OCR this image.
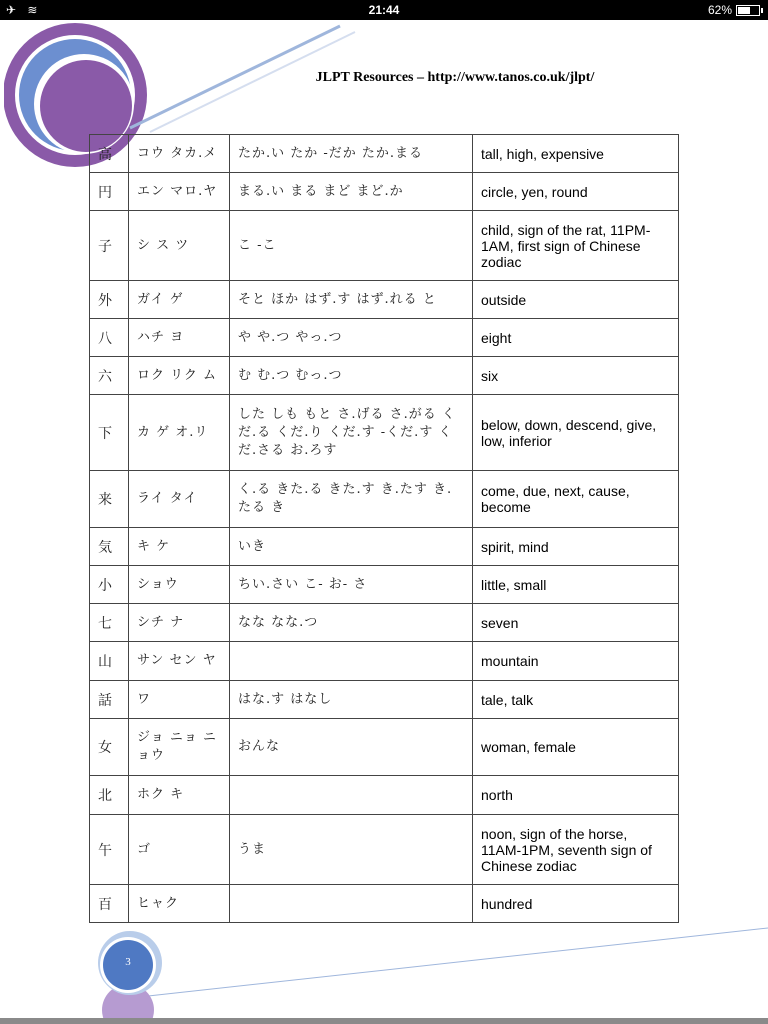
✈ ≋	21:44	62%
JLPT Resources – http://www.tanos.co.uk/jlpt/
高	コウ タカ.メ	たか.い たか -だか たか.まる	tall, high, expensive
円	エン マロ.ヤ	まる.い まる まど まど.か	circle, yen, round
子	シ ス ツ	こ -こ	child, sign of the rat, 11PM-1AM, first sign of Chinese zodiac
外	ガイ ゲ	そと ほか はず.す はず.れる と	outside
八	ハチ ヨ	や や.つ やっ.つ	eight
六	ロク リク ム	む む.つ むっ.つ	six
下	カ ゲ オ.リ	した しも もと さ.げる さ.がる くだ.る くだ.り くだ.す -くだ.す くだ.さる お.ろす	below, down, descend, give, low, inferior
来	ライ タイ	く.る きた.る きた.す き.たす き.たる き	come, due, next, cause, become
気	キ ケ	いき	spirit, mind
小	ショウ	ちい.さい こ- お- さ	little, small
七	シチ ナ	なな なな.つ	seven
山	サン セン ヤ		mountain
話	ワ	はな.す はなし	tale, talk
女	ジョ ニョ ニョウ	おんな	woman, female
北	ホク キ		north
午	ゴ	うま	noon, sign of the horse, 11AM-1PM, seventh sign of Chinese zodiac
百	ヒャク		hundred
3
